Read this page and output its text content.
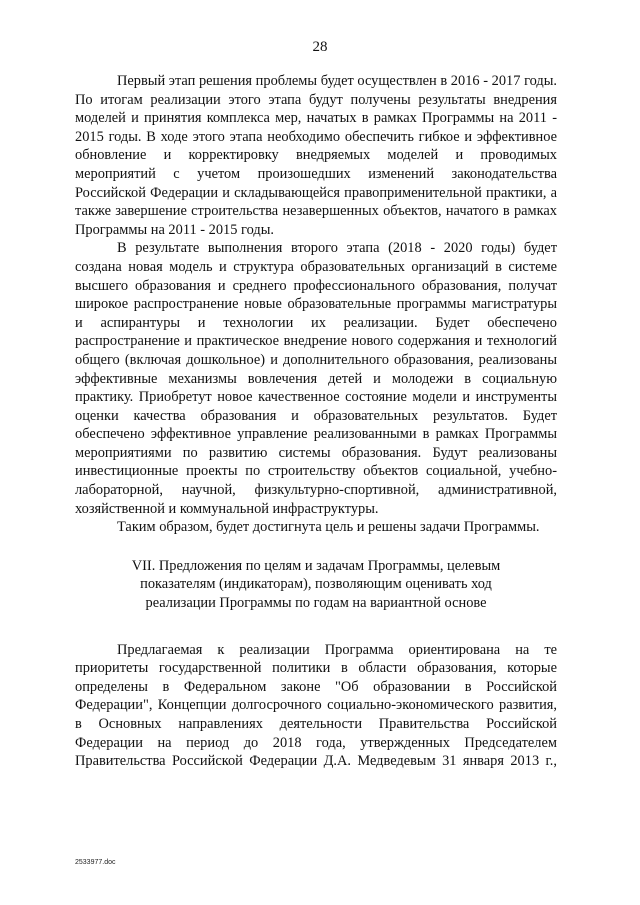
28

Первый этап решения проблемы будет осуществлен в 2016 - 2017 годы. По итогам реализации этого этапа будут получены результаты внедрения моделей и принятия комплекса мер, начатых в рамках Программы на 2011 - 2015 годы. В ходе этого этапа необходимо обеспечить гибкое и эффективное обновление и корректировку внедряемых моделей и проводимых мероприятий с учетом произошедших изменений законодательства Российской Федерации и складывающейся правоприменительной практики, а также завершение строительства незавершенных объектов, начатого в рамках Программы на 2011 - 2015 годы.

В результате выполнения второго этапа (2018 - 2020 годы) будет создана новая модель и структура образовательных организаций в системе высшего образования и среднего профессионального образования, получат широкое распространение новые образовательные программы магистратуры и аспирантуры и технологии их реализации. Будет обеспечено распространение и практическое внедрение нового содержания и технологий общего (включая дошкольное) и дополнительного образования, реализованы эффективные механизмы вовлечения детей и молодежи в социальную практику. Приобретут новое качественное состояние модели и инструменты оценки качества образования и образовательных результатов. Будет обеспечено эффективное управление реализованными в рамках Программы мероприятиями по развитию системы образования. Будут реализованы инвестиционные проекты по строительству объектов социальной, учебно-лабораторной, научной, физкультурно-спортивной, административной, хозяйственной и коммунальной инфраструктуры.

Таким образом, будет достигнута цель и решены задачи Программы.

VII. Предложения по целям и задачам Программы, целевым
показателям (индикаторам), позволяющим оценивать ход
реализации Программы по годам на вариантной основе

Предлагаемая к реализации Программа ориентирована на те приоритеты государственной политики в области образования, которые определены в Федеральном законе "Об образовании в Российской Федерации", Концепции долгосрочного социально-экономического развития, в Основных направлениях деятельности Правительства Российской Федерации на период до 2018 года, утвержденных Председателем Правительства Российской Федерации Д.А. Медведевым 31 января 2013 г.,

2533977.doc
